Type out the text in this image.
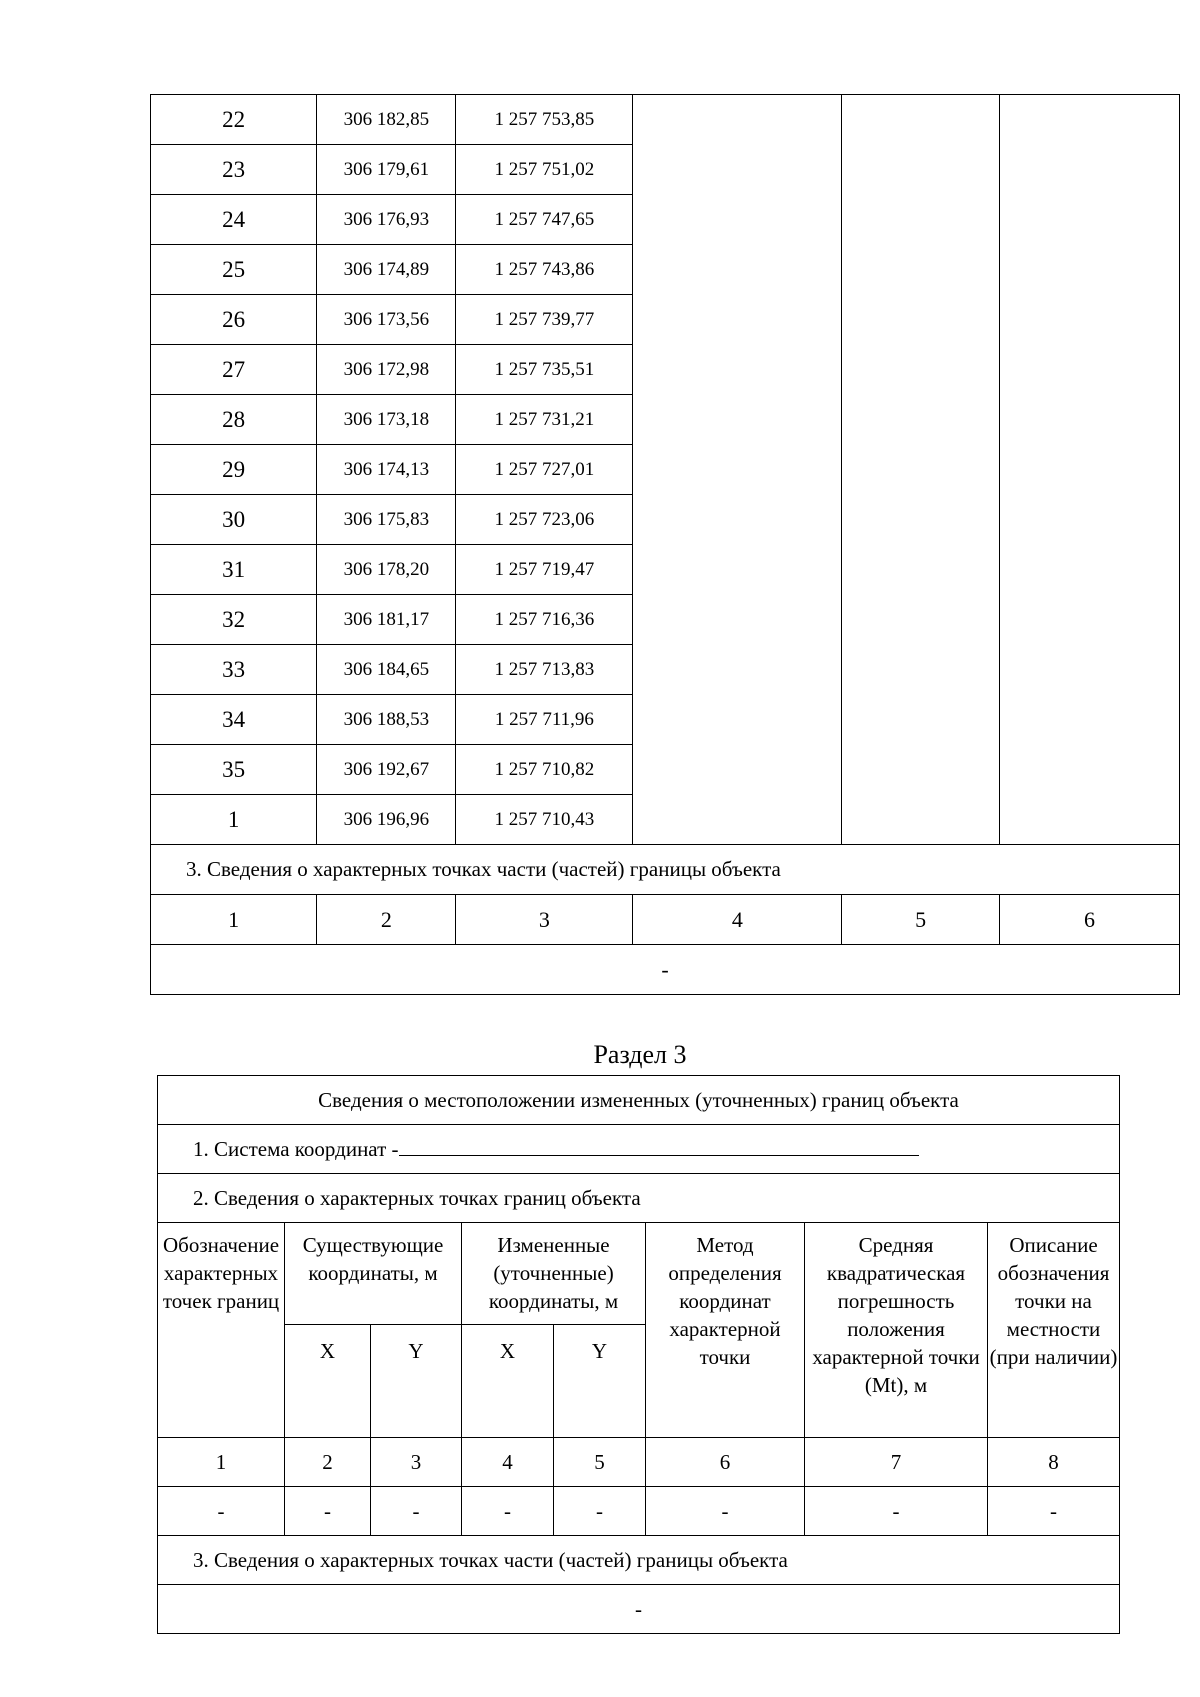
22	306 182,85	1 257 753,85			
23	306 179,61	1 257 751,02			
24	306 176,93	1 257 747,65			
25	306 174,89	1 257 743,86			
26	306 173,56	1 257 739,77			
27	306 172,98	1 257 735,51			
28	306 173,18	1 257 731,21			
29	306 174,13	1 257 727,01			
30	306 175,83	1 257 723,06			
31	306 178,20	1 257 719,47			
32	306 181,17	1 257 716,36			
33	306 184,65	1 257 713,83			
34	306 188,53	1 257 711,96			
35	306 192,67	1 257 710,82			
1	306 196,96	1 257 710,43			
3. Сведения о характерных точках части (частей) границы объекта					
1	2	3	4	5	6
-					
Раздел 3
Сведения о местоположении измененных (уточненных) границ объекта							
1. Система координат -							
2. Сведения о характерных точках границ объекта							
Обозначение характерных точек границ	Существующие координаты, м		Измененные (уточненные) координаты, м		Метод определения координат характерной точки	Средняя квадратическая погрешность положения характерной точки (Mt), м	Описание обозначения точки на местности (при наличии)
	X	Y	X	Y			
1	2	3	4	5	6	7	8
-	-	-	-	-	-	-	-
3. Сведения о характерных точках части (частей) границы объекта							
-							
